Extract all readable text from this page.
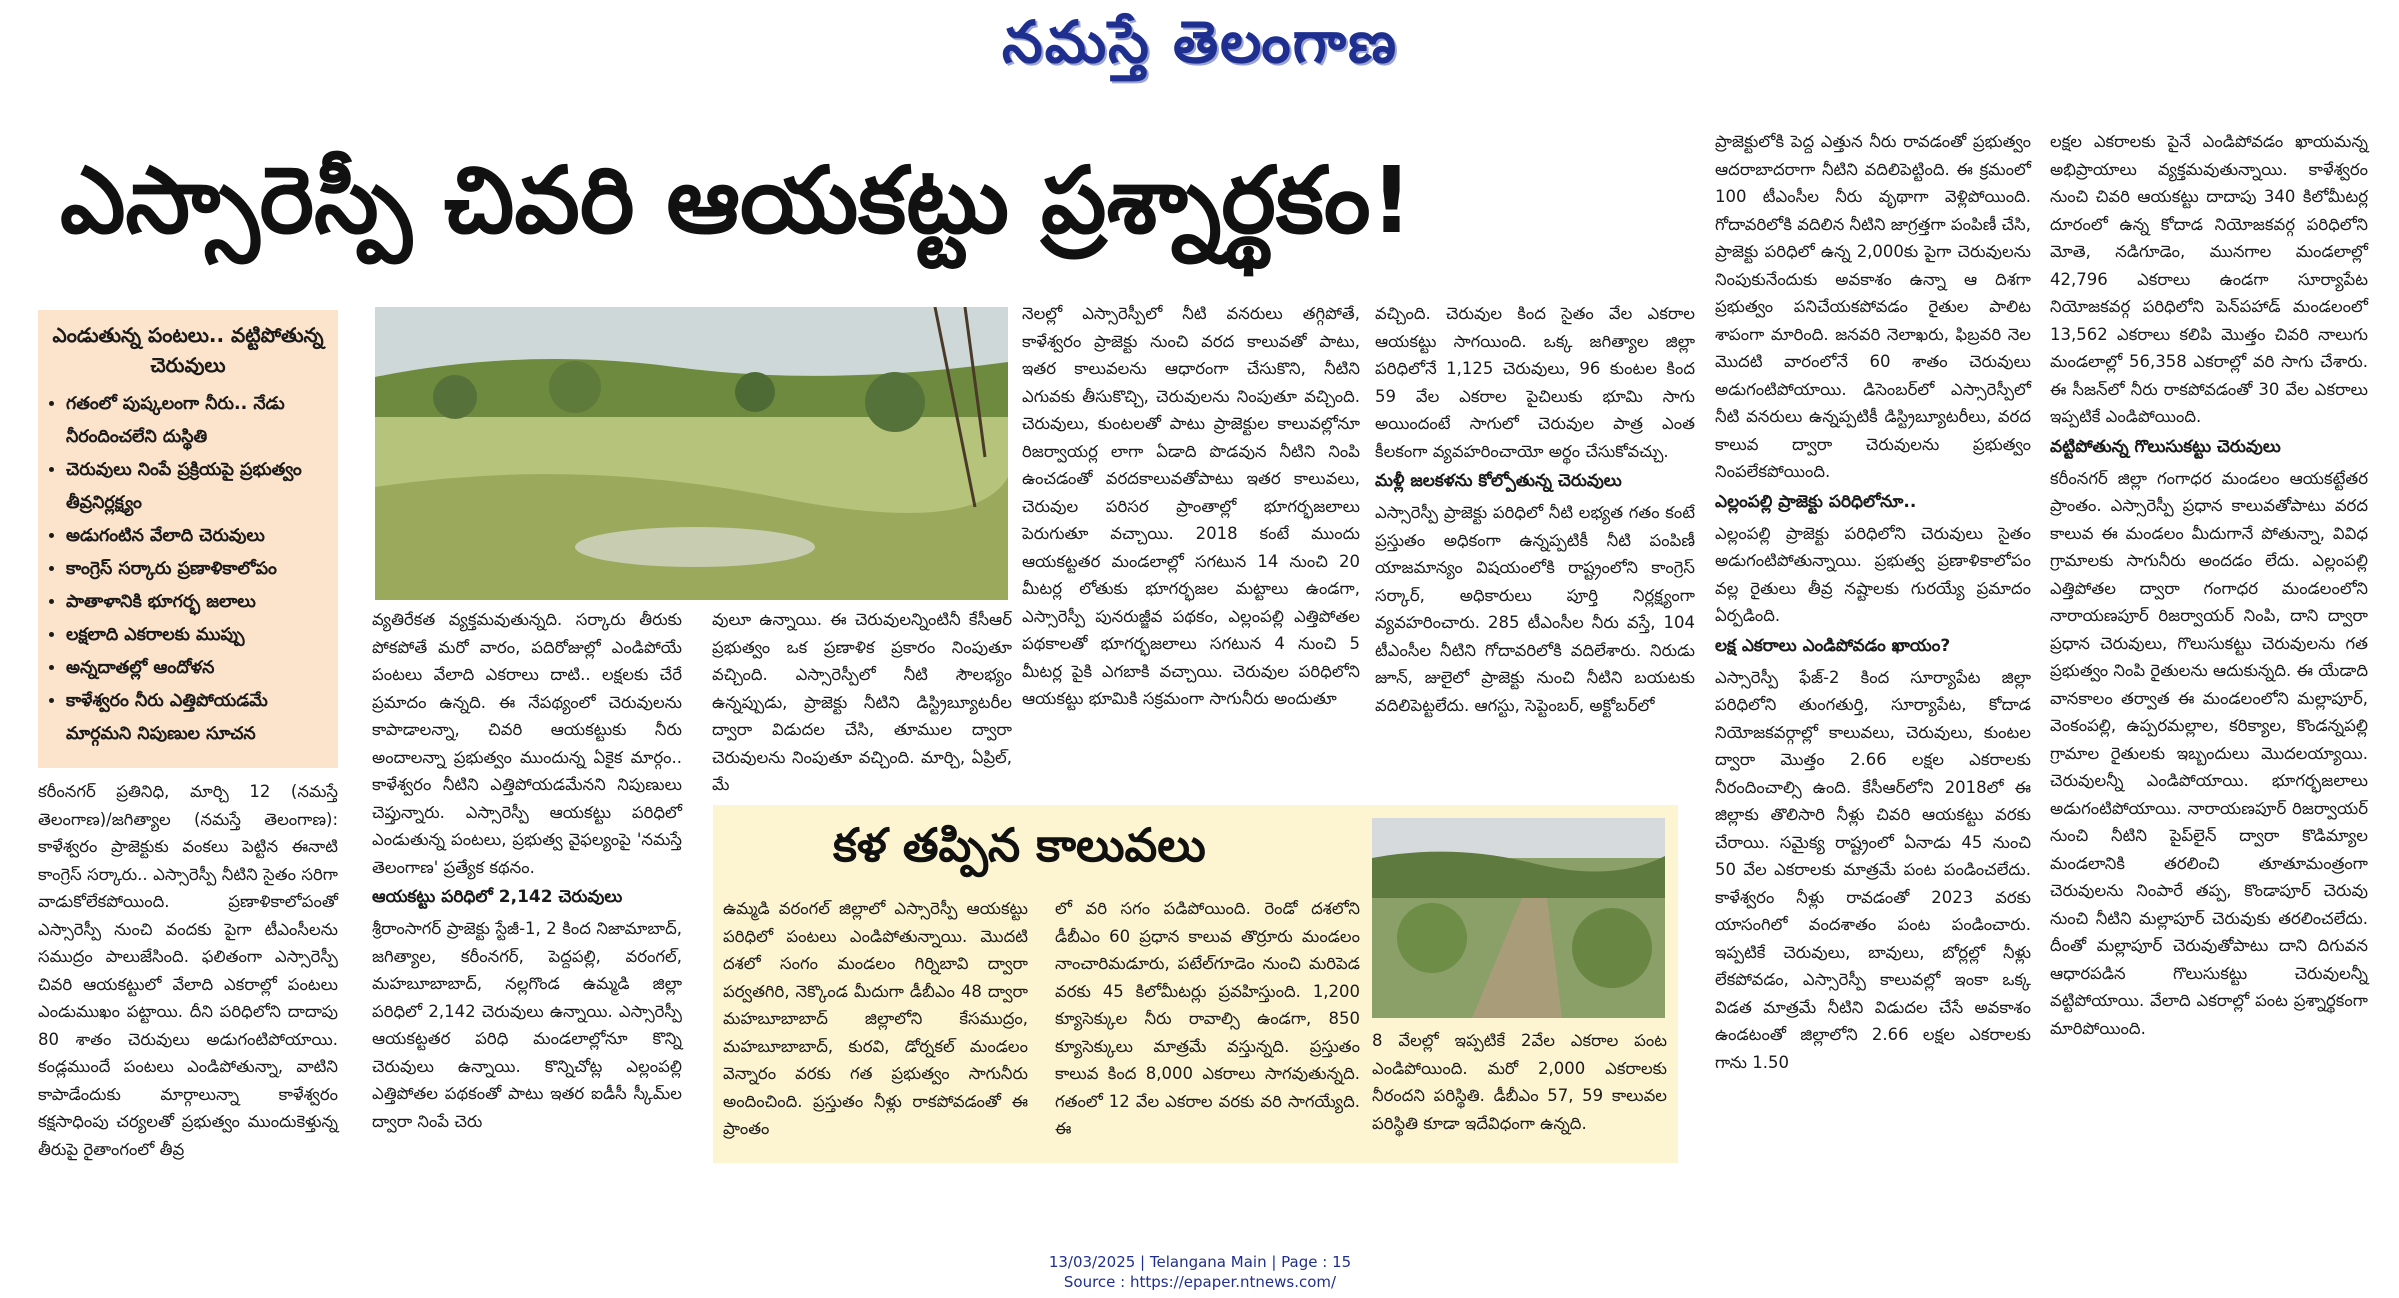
నమస్తే తెలంగాణ
ఎస్సారెస్పీ చివరి ఆయకట్టు ప్రశ్నార్థకం!
ఎండుతున్న పంటలు.. వట్టిపోతున్న చెరువులు
• గతంలో పుష్కలంగా నీరు.. నేడు నీరందించలేని దుస్థితి
• చెరువులు నింపే ప్రక్రియపై ప్రభుత్వం తీవ్రనిర్లక్ష్యం
• అడుగంటిన వేలాది చెరువులు
• కాంగ్రెస్ సర్కారు ప్రణాళికాలోపం
• పాతాళానికి భూగర్భ జలాలు
• లక్షలాది ఎకరాలకు ముప్పు
• అన్నదాతల్లో ఆందోళన
• కాళేశ్వరం నీరు ఎత్తిపోయడమే మార్గమని నిపుణుల సూచన
కరీంనగర్ ప్రతినిధి, మార్చి 12 (నమస్తే తెలంగాణ)/జగిత్యాల (నమస్తే తెలంగాణ): కాళేశ్వరం ప్రాజెక్టుకు వంకలు పెట్టిన ఈనాటి కాంగ్రెస్ సర్కారు.. ఎస్సారెస్పీ నీటిని సైతం సరిగా వాడుకోలేకపోయింది. ప్రణాళికాలోపంతో ఎస్సారెస్పీ నుంచి వందకు పైగా టీఎంసీలను సముద్రం పాలుజేసింది. ఫలితంగా ఎస్సారెస్పీ చివరి ఆయకట్టులో వేలాది ఎకరాల్లో పంటలు ఎండుముఖం పట్టాయి. దీని పరిధిలోని దాదాపు 80 శాతం చెరువులు అడుగంటిపోయాయి. కండ్లముందే పంటలు ఎండిపోతున్నా, వాటిని కాపాడేందుకు మార్గాలున్నా కాళేశ్వరం కక్షసాధింపు చర్యలతో ప్రభుత్వం ముందుకెళ్తున్న తీరుపై రైతాంగంలో తీవ్ర
వ్యతిరేకత వ్యక్తమవుతున్నది. సర్కారు తీరుకు పోకపోతే మరో వారం, పదిరోజుల్లో ఎండిపోయే పంటలు వేలాది ఎకరాలు దాటి.. లక్షలకు చేరే ప్రమాదం ఉన్నది. ఈ నేపథ్యంలో చెరువులను కాపాడాలన్నా, చివరి ఆయకట్టుకు నీరు అందాలన్నా ప్రభుత్వం ముందున్న ఏకైక మార్గం.. కాళేశ్వరం నీటిని ఎత్తిపోయడమేనని నిపుణులు చెప్తున్నారు. ఎస్సారెస్పీ ఆయకట్టు పరిధిలో ఎండుతున్న పంటలు, ప్రభుత్వ వైఫల్యంపై 'నమస్తే తెలంగాణ' ప్రత్యేక కథనం.
ఆయకట్టు పరిధిలో 2,142 చెరువులు
శ్రీరాంసాగర్ ప్రాజెక్టు స్టేజీ-1, 2 కింద నిజామాబాద్, జగిత్యాల, కరీంనగర్, పెద్దపల్లి, వరంగల్, మహబూబాబాద్, నల్లగొండ ఉమ్మడి జిల్లా పరిధిలో 2,142 చెరువులు ఉన్నాయి. ఎస్సారెస్పీ ఆయకట్టతర పరిధి మండలాల్లోనూ కొన్ని చెరువులు ఉన్నాయి. కొన్నిచోట్ల ఎల్లంపల్లి ఎత్తిపోతల పథకంతో పాటు ఇతర ఐడీసీ స్కీమ్‌ల ద్వారా నింపే చెరు
వులూ ఉన్నాయి. ఈ చెరువులన్నింటినీ కేసీఆర్ ప్రభుత్వం ఒక ప్రణాళిక ప్రకారం నింపుతూ వచ్చింది. ఎస్సారెస్పీలో నీటి సౌలభ్యం ఉన్నప్పుడు, ప్రాజెక్టు నీటిని డిస్ట్రిబ్యూటరీల ద్వారా విడుదల చేసి, తూముల ద్వారా చెరువులను నింపుతూ వచ్చింది. మార్చి, ఏప్రిల్, మే
నెలల్లో ఎస్సారెస్పీలో నీటి వనరులు తగ్గిపోతే, కాళేశ్వరం ప్రాజెక్టు నుంచి వరద కాలువతో పాటు, ఇతర కాలువలను ఆధారంగా చేసుకొని, నీటిని ఎగువకు తీసుకొచ్చి, చెరువులను నింపుతూ వచ్చింది. చెరువులు, కుంటలతో పాటు ప్రాజెక్టుల కాలువల్లోనూ రిజర్వాయర్ల లాగా ఏడాది పొడవున నీటిని నింపి ఉంచడంతో వరదకాలువతోపాటు ఇతర కాలువలు, చెరువుల పరిసర ప్రాంతాల్లో భూగర్భజలాలు పెరుగుతూ వచ్చాయి. 2018 కంటే ముందు ఆయకట్టతర మండలాల్లో సగటున 14 నుంచి 20 మీటర్ల లోతుకు భూగర్భజల మట్టాలు ఉండగా, ఎస్సారెస్పీ పునరుజ్జీవ పథకం, ఎల్లంపల్లి ఎత్తిపోతల పథకాలతో భూగర్భజలాలు సగటున 4 నుంచి 5 మీటర్ల పైకి ఎగబాకి వచ్చాయి. చెరువుల పరిధిలోని ఆయకట్టు భూమికి సక్రమంగా సాగునీరు అందుతూ
వచ్చింది. చెరువుల కింద సైతం వేల ఎకరాల ఆయకట్టు సాగయింది. ఒక్క జగిత్యాల జిల్లా పరిధిలోనే 1,125 చెరువులు, 96 కుంటల కింద 59 వేల ఎకరాల పైచిలుకు భూమి సాగు అయిందంటే సాగులో చెరువుల పాత్ర ఎంత కీలకంగా వ్యవహరించాయో అర్థం చేసుకోవచ్చు.
మళ్లీ జలకళను కోల్పోతున్న చెరువులు
ఎస్సారెస్పీ ప్రాజెక్టు పరిధిలో నీటి లభ్యత గతం కంటే ప్రస్తుతం అధికంగా ఉన్నప్పటికీ నీటి పంపిణీ యాజమాన్యం విషయంలోకి రాష్ట్రంలోని కాంగ్రెస్ సర్కార్, అధికారులు పూర్తి నిర్లక్ష్యంగా వ్యవహరించారు. 285 టీఎంసీల నీరు వస్తే, 104 టీఎంసీల నీటిని గోదావరిలోకి వదిలేశారు. నిరుడు జూన్, జులైలో ప్రాజెక్టు నుంచి నీటిని బయటకు వదిలిపెట్టలేదు. ఆగస్టు, సెప్టెంబర్, అక్టోబర్‌లో
ప్రాజెక్టులోకి పెద్ద ఎత్తున నీరు రావడంతో ప్రభుత్వం ఆదరాబాదరాగా నీటిని వదిలిపెట్టింది. ఈ క్రమంలో 100 టీఎంసీల నీరు వృథాగా వెళ్లిపోయింది. గోదావరిలోకి వదిలిన నీటిని జాగ్రత్తగా పంపిణీ చేసి, ప్రాజెక్టు పరిధిలో ఉన్న 2,000కు పైగా చెరువులను నింపుకునేందుకు అవకాశం ఉన్నా ఆ దిశగా ప్రభుత్వం పనిచేయకపోవడం రైతుల పాలిట శాపంగా మారింది. జనవరి నెలాఖరు, ఫిబ్రవరి నెల మొదటి వారంలోనే 60 శాతం చెరువులు అడుగంటిపోయాయి. డిసెంబర్‌లో ఎస్సారెస్పీలో నీటి వనరులు ఉన్నప్పటికీ డిస్ట్రిబ్యూటరీలు, వరద కాలువ ద్వారా చెరువులను ప్రభుత్వం నింపలేకపోయింది.
ఎల్లంపల్లి ప్రాజెక్టు పరిధిలోనూ..
ఎల్లంపల్లి ప్రాజెక్టు పరిధిలోని చెరువులు సైతం అడుగంటిపోతున్నాయి. ప్రభుత్వ ప్రణాళికాలోపం వల్ల రైతులు తీవ్ర నష్టాలకు గురయ్యే ప్రమాదం ఏర్పడింది.
లక్ష ఎకరాలు ఎండిపోవడం ఖాయం?
ఎస్సారెస్పీ ఫేజ్-2 కింద సూర్యాపేట జిల్లా పరిధిలోని తుంగతుర్తి, సూర్యాపేట, కోదాడ నియోజకవర్గాల్లో కాలువలు, చెరువులు, కుంటల ద్వారా మొత్తం 2.66 లక్షల ఎకరాలకు నీరందించాల్సి ఉంది. కేసీఆర్‌లోని 2018లో ఈ జిల్లాకు తొలిసారి నీళ్లు చివరి ఆయకట్టు వరకు చేరాయి. సమైక్య రాష్ట్రంలో ఏనాడు 45 నుంచి 50 వేల ఎకరాలకు మాత్రమే పంట పండించలేదు. కాళేశ్వరం నీళ్లు రావడంతో 2023 వరకు యాసంగిలో వందశాతం పంట పండించారు. ఇప్పటికే చెరువులు, బావులు, బోర్లల్లో నీళ్లు లేకపోవడం, ఎస్సారెస్పీ కాలువల్లో ఇంకా ఒక్క విడత మాత్రమే నీటిని విడుదల చేసే అవకాశం ఉండటంతో జిల్లాలోని 2.66 లక్షల ఎకరాలకు గాను 1.50
లక్షల ఎకరాలకు పైనే ఎండిపోవడం ఖాయమన్న అభిప్రాయాలు వ్యక్తమవుతున్నాయి. కాళేశ్వరం నుంచి చివరి ఆయకట్టు దాదాపు 340 కిలోమీటర్ల దూరంలో ఉన్న కోదాడ నియోజకవర్గ పరిధిలోని మోతె, నడిగూడెం, మునగాల మండలాల్లో 42,796 ఎకరాలు ఉండగా సూర్యాపేట నియోజకవర్గ పరిధిలోని పెన్‌పహాడ్ మండలంలో 13,562 ఎకరాలు కలిపి మొత్తం చివరి నాలుగు మండలాల్లో 56,358 ఎకరాల్లో వరి సాగు చేశారు. ఈ సీజన్‌లో నీరు రాకపోవడంతో 30 వేల ఎకరాలు ఇప్పటికే ఎండిపోయింది.
వట్టిపోతున్న గొలుసుకట్టు చెరువులు
కరీంనగర్ జిల్లా గంగాధర మండలం ఆయకట్టేతర ప్రాంతం. ఎస్సారెస్పీ ప్రధాన కాలువతోపాటు వరద కాలువ ఈ మండలం మీదుగానే పోతున్నా, వివిధ గ్రామాలకు సాగునీరు అందడం లేదు. ఎల్లంపల్లి ఎత్తిపోతల ద్వారా గంగాధర మండలంలోని నారాయణపూర్ రిజర్వాయర్ నింపి, దాని ద్వారా ప్రధాన చెరువులు, గొలుసుకట్టు చెరువులను గత ప్రభుత్వం నింపి రైతులను ఆదుకున్నది. ఈ యేడాది వానకాలం తర్వాత ఈ మండలంలోని మల్లాపూర్, వెంకంపల్లి, ఉప్పరమల్లాల, కరిక్యాల, కొండన్నపల్లి గ్రామాల రైతులకు ఇబ్బందులు మొదలయ్యాయి. చెరువులన్నీ ఎండిపోయాయి. భూగర్భజలాలు అడుగంటిపోయాయి. నారాయణపూర్ రిజర్వాయర్ నుంచి నీటిని పైప్‌లైన్ ద్వారా కొడిమ్యాల మండలానికి తరలించి తూతూమంత్రంగా చెరువులను నింపారే తప్ప, కొండాపూర్ చెరువు నుంచి నీటిని మల్లాపూర్ చెరువుకు తరలించలేదు. దీంతో మల్లాపూర్ చెరువుతోపాటు దాని దిగువన ఆధారపడిన గొలుసుకట్టు చెరువులన్నీ వట్టిపోయాయి. వేలాది ఎకరాల్లో పంట ప్రశ్నార్థకంగా మారిపోయింది.
కళ తప్పిన కాలువలు
ఉమ్మడి వరంగల్ జిల్లాలో ఎస్సారెస్పీ ఆయకట్టు పరిధిలో పంటలు ఎండిపోతున్నాయి. మొదటి దశలో సంగం మండలం గిర్నిబావి ద్వారా పర్వతగిరి, నెక్కొండ మీదుగా డీబీఎం 48 ద్వారా మహబూబాబాద్ జిల్లాలోని కేసముద్రం, మహబూబాబాద్, కురవి, డోర్నకల్ మండలం వెన్నారం వరకు గత ప్రభుత్వం సాగునీరు అందించింది. ప్రస్తుతం నీళ్లు రాకపోవడంతో ఈ ప్రాంతం
లో వరి సగం పడిపోయింది. రెండో దశలోని డీబీఎం 60 ప్రధాన కాలువ తొర్రూరు మండలం నాంచారిమడూరు, పటేల్‌గూడెం నుంచి మరిపెడ వరకు 45 కిలోమీటర్లు ప్రవహిస్తుంది. 1,200 క్యూసెక్కుల నీరు రావాల్సి ఉండగా, 850 క్యూసెక్కులు మాత్రమే వస్తున్నది. ప్రస్తుతం కాలువ కింద 8,000 ఎకరాలు సాగవుతున్నది. గతంలో 12 వేల ఎకరాల వరకు వరి సాగయ్యేది. ఈ
8 వేలల్లో ఇప్పటికే 2వేల ఎకరాల పంట ఎండిపోయింది. మరో 2,000 ఎకరాలకు నీరందని పరిస్థితి. డీబీఎం 57, 59 కాలువల పరిస్థితి కూడా ఇదేవిధంగా ఉన్నది.
13/03/2025 | Telangana Main | Page : 15
Source : https://epaper.ntnews.com/
